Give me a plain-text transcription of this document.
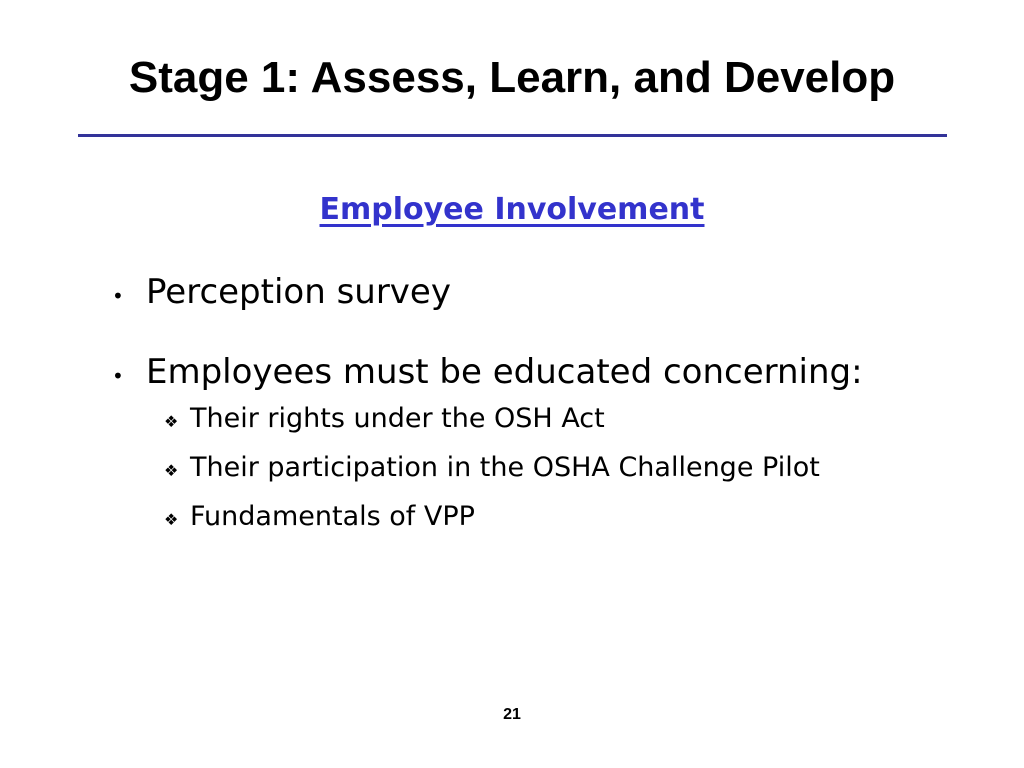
Stage 1: Assess, Learn, and Develop
Employee Involvement
• Perception survey
• Employees must be educated concerning:
❖ Their rights under the OSH Act
❖ Their participation in the OSHA Challenge Pilot
❖ Fundamentals of VPP
21
